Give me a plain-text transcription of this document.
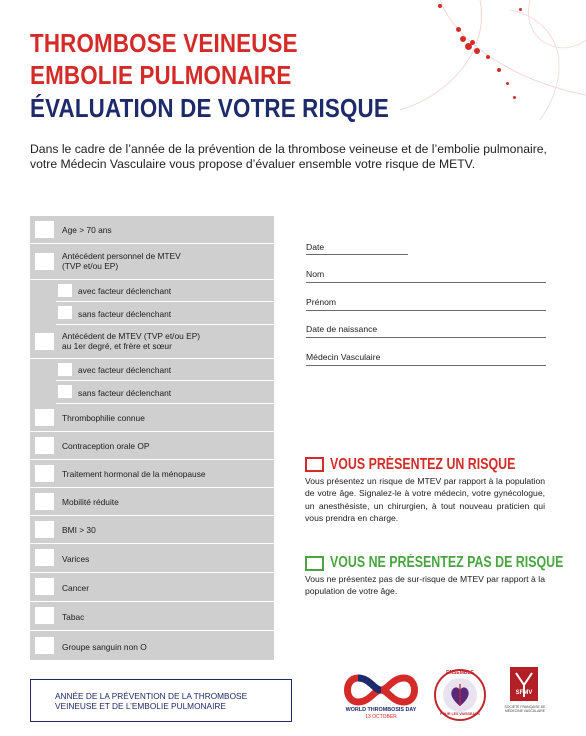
THROMBOSE VEINEUSE
EMBOLIE PULMONAIRE
ÉVALUATION DE VOTRE RISQUE
Dans le cadre de l’année de la prévention de la thrombose veineuse et de l’embolie pulmonaire, votre Médecin Vasculaire vous propose d’évaluer ensemble votre risque de METV.
Age > 70 ans
Antécédent personnel de MTEV
(TVP et/ou EP)
avec facteur déclenchant
sans facteur déclenchant
Antécédent de MTEV (TVP et/ou EP)
au 1er degré, et frère et sœur
avec facteur déclenchant
sans facteur déclenchant
Thrombophilie connue
Contraception orale OP
Traitement hormonal de la ménopause
Mobilité réduite
BMI > 30
Varices
Cancer
Tabac
Groupe sanguin non O
Date
Nom
Prénom
Date de naissance
Médecin Vasculaire
VOUS PRÉSENTEZ UN RISQUE
Vous présentez un risque de MTEV par rapport à la population de votre âge. Signalez-le à votre médecin, votre gynécologue, un anesthésiste, un chirurgien, à tout nouveau praticien qui vous prendra en charge.
VOUS NE PRÉSENTEZ PAS DE RISQUE
Vous ne présentez pas de sur-risque de MTEV par rapport à la population de votre âge.
ANNÉE DE LA PRÉVENTION DE LA THROMBOSE
VEINEUSE ET DE L’EMBOLIE PULMONAIRE	WORLD THROMBOSIS DAY
13 OCTOBER
ENSEMBLE
POUR LES VAISSEAUX
SFMV
SOCIÉTÉ FRANÇAISE DE MÉDECINE VASCULAIRE
